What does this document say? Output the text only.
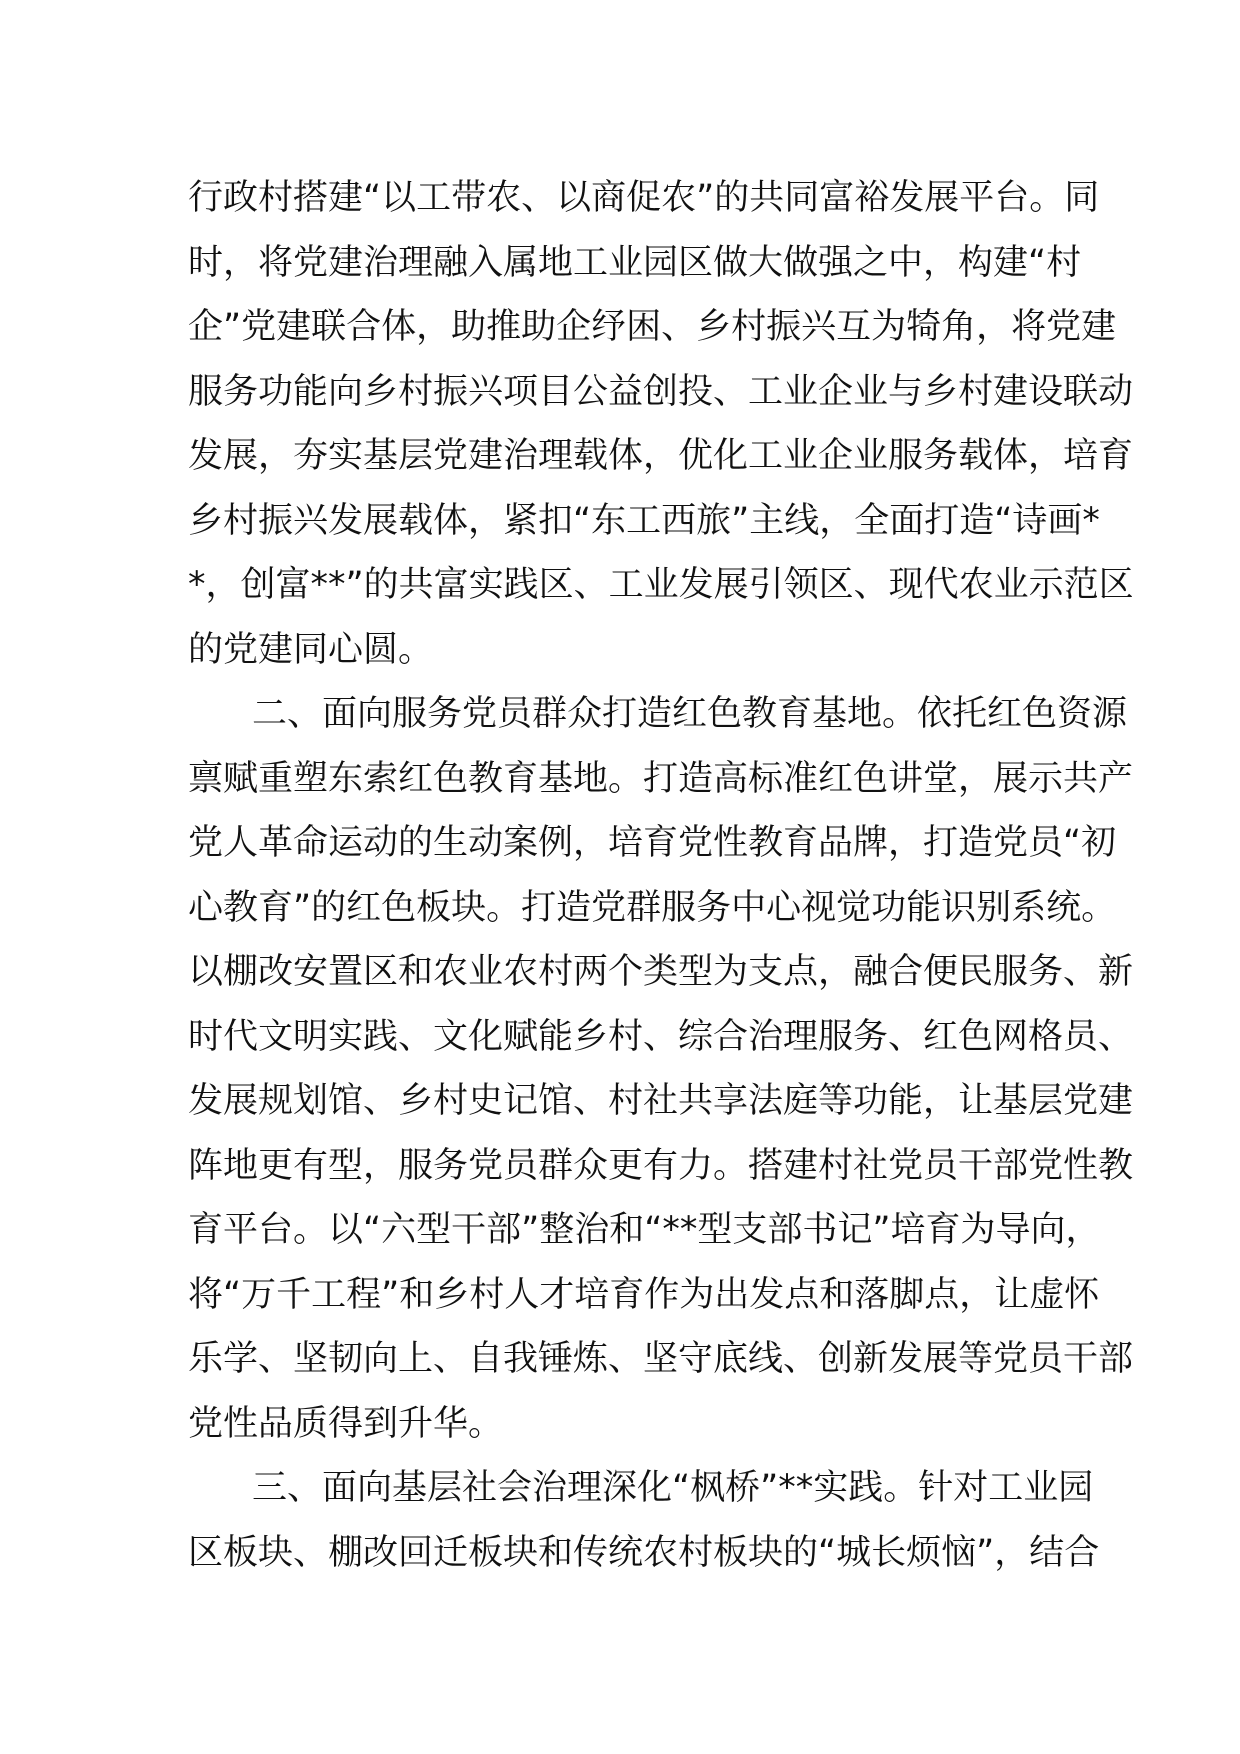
行政村搭建“以工带农、以商促农”的共同富裕发展平台。同
时，将党建治理融入属地工业园区做大做强之中，构建“村
企”党建联合体，助推助企纾困、乡村振兴互为犄角，将党建
服务功能向乡村振兴项目公益创投、工业企业与乡村建设联动
发展，夯实基层党建治理载体，优化工业企业服务载体，培育
乡村振兴发展载体，紧扣“东工西旅”主线，全面打造“诗画*
*，创富**”的共富实践区、工业发展引领区、现代农业示范区
的党建同心圆。
二、面向服务党员群众打造红色教育基地。依托红色资源
禀赋重塑东索红色教育基地。打造高标准红色讲堂，展示共产
党人革命运动的生动案例，培育党性教育品牌，打造党员“初
心教育”的红色板块。打造党群服务中心视觉功能识别系统。
以棚改安置区和农业农村两个类型为支点，融合便民服务、新
时代文明实践、文化赋能乡村、综合治理服务、红色网格员、
发展规划馆、乡村史记馆、村社共享法庭等功能，让基层党建
阵地更有型，服务党员群众更有力。搭建村社党员干部党性教
育平台。以“六型干部”整治和“**型支部书记”培育为导向，
将“万千工程”和乡村人才培育作为出发点和落脚点，让虚怀
乐学、坚韧向上、自我锤炼、坚守底线、创新发展等党员干部
党性品质得到升华。
三、面向基层社会治理深化“枫桥”**实践。针对工业园
区板块、棚改回迁板块和传统农村板块的“城长烦恼”，结合
